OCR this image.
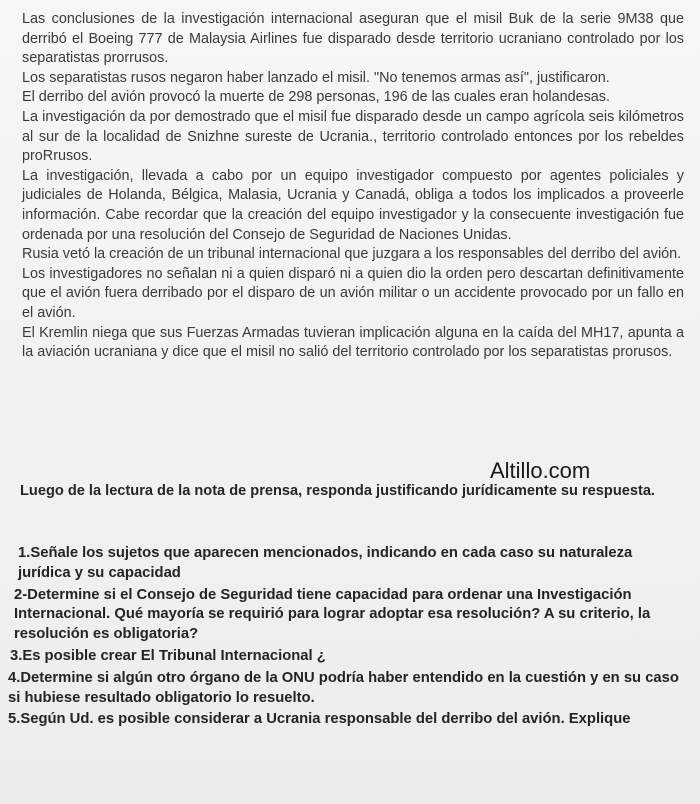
Las conclusiones de la investigación internacional aseguran que el misil Buk de la serie 9M38 que derribó el Boeing 777 de Malaysia Airlines fue disparado desde territorio ucraniano controlado por los separatistas prorrusos.

Los separatistas rusos negaron haber lanzado el misil. "No tenemos armas así", justificaron.

El derribo del avión provocó la muerte de 298 personas, 196 de las cuales eran holandesas.

La investigación da por demostrado que el misil fue disparado desde un campo agrícola seis kilómetros al sur de la localidad de Snizhne sureste de Ucrania., territorio controlado entonces por los rebeldes proRrusos.

La investigación, llevada a cabo por un equipo investigador compuesto por agentes policiales y judiciales de Holanda, Bélgica, Malasia, Ucrania y Canadá, obliga a todos los implicados a proveerle información. Cabe recordar que la creación del equipo investigador y la consecuente investigación fue ordenada por una resolución del Consejo de Seguridad de Naciones Unidas.

Rusia vetó la creación de un tribunal internacional que juzgara a los responsables del derribo del avión.

Los investigadores no señalan ni a quien disparó ni a quien dio la orden pero descartan definitivamente que el avión fuera derribado por el disparo de un avión militar o un accidente provocado por un fallo en el avión.

El Kremlin niega que sus Fuerzas Armadas tuvieran implicación alguna en la caída del MH17, apunta a la aviación ucraniana y dice que el misil no salió del territorio controlado por los separatistas prorusos.

Altillo.com
Luego de la lectura de la nota de prensa, responda justificando jurídicamente su respuesta.
1.Señale los sujetos que aparecen mencionados, indicando en cada caso su naturaleza
jurídica y su capacidad
2-Determine si el Consejo de Seguridad tiene capacidad para ordenar una Investigación Internacional. Qué mayoría se requirió para lograr adoptar esa resolución? A su criterio, la resolución es obligatoria?
3.Es posible crear El Tribunal Internacional ¿
4.Determine si algún otro órgano de la ONU podría haber entendido en la cuestión y en su caso si hubiese resultado obligatorio lo resuelto.
5.Según Ud. es posible considerar a Ucrania responsable del derribo del avión. Explique
